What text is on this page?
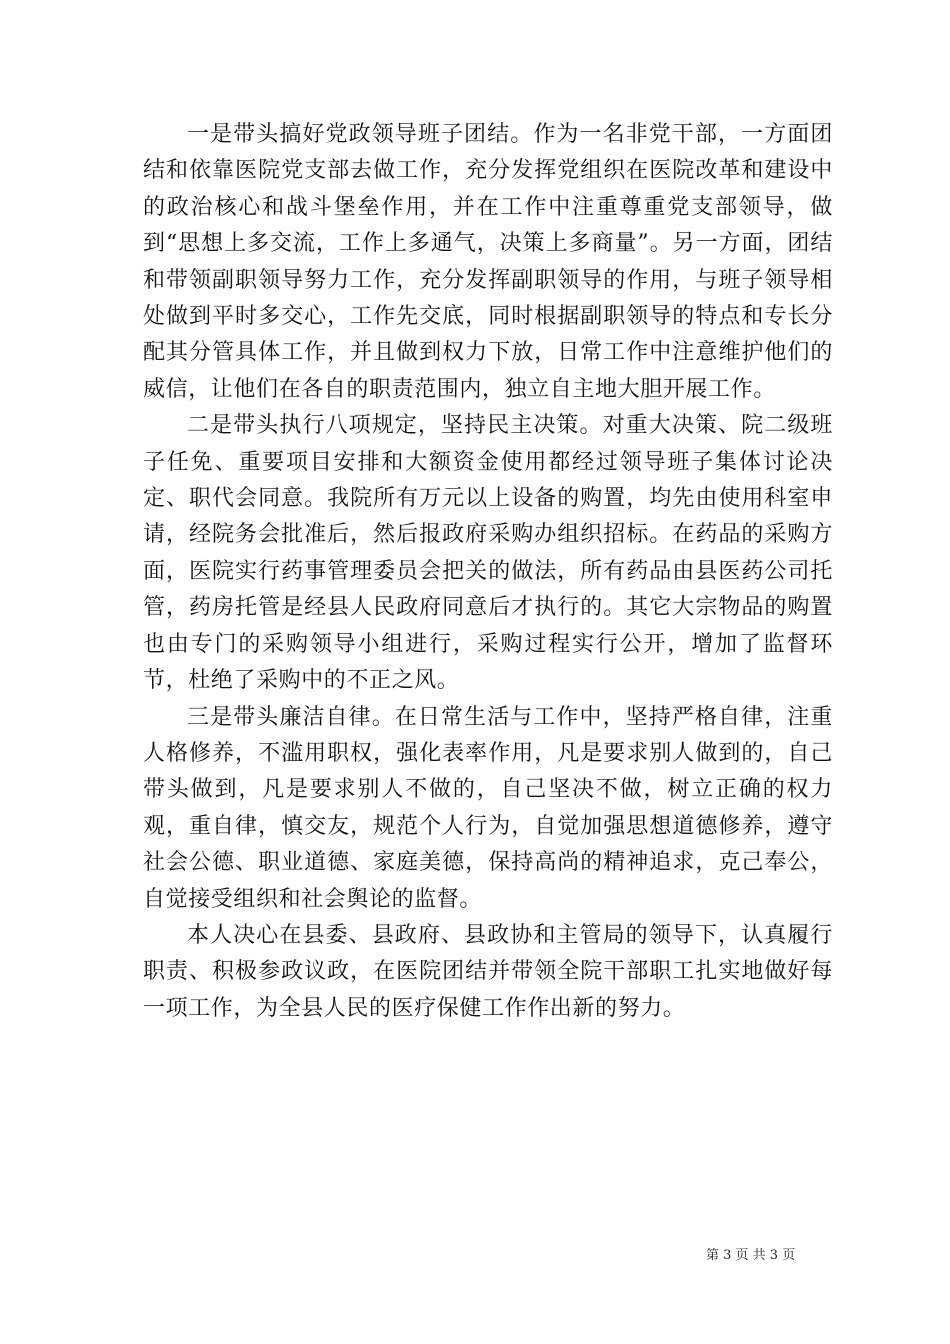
一是带头搞好党政领导班子团结。作为一名非党干部，一方面团结和依靠医院党支部去做工作，充分发挥党组织在医院改革和建设中的政治核心和战斗堡垒作用，并在工作中注重尊重党支部领导，做到“思想上多交流，工作上多通气，决策上多商量”。另一方面，团结和带领副职领导努力工作，充分发挥副职领导的作用，与班子领导相处做到平时多交心，工作先交底，同时根据副职领导的特点和专长分配其分管具体工作，并且做到权力下放，日常工作中注意维护他们的威信，让他们在各自的职责范围内，独立自主地大胆开展工作。

二是带头执行八项规定，坚持民主决策。对重大决策、院二级班子任免、重要项目安排和大额资金使用都经过领导班子集体讨论决定、职代会同意。我院所有万元以上设备的购置，均先由使用科室申请，经院务会批准后，然后报政府采购办组织招标。在药品的采购方面，医院实行药事管理委员会把关的做法，所有药品由县医药公司托管，药房托管是经县人民政府同意后才执行的。其它大宗物品的购置也由专门的采购领导小组进行，采购过程实行公开，增加了监督环节，杜绝了采购中的不正之风。

三是带头廉洁自律。在日常生活与工作中，坚持严格自律，注重人格修养，不滥用职权，强化表率作用，凡是要求别人做到的，自己带头做到，凡是要求别人不做的，自己坚决不做，树立正确的权力观，重自律，慎交友，规范个人行为，自觉加强思想道德修养，遵守社会公德、职业道德、家庭美德，保持高尚的精神追求，克己奉公，自觉接受组织和社会舆论的监督。

本人决心在县委、县政府、县政协和主管局的领导下，认真履行职责、积极参政议政，在医院团结并带领全院干部职工扎实地做好每一项工作，为全县人民的医疗保健工作作出新的努力。

第 3 页 共 3 页
